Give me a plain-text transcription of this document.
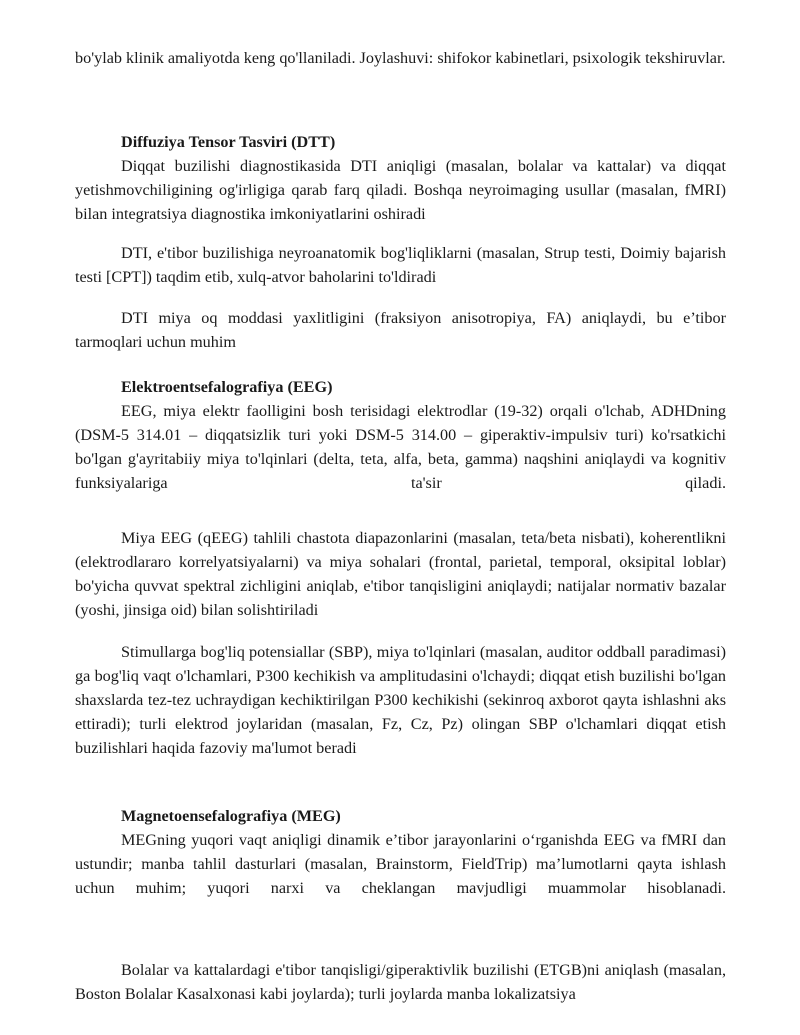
bo'ylab klinik amaliyotda keng qo'llaniladi. Joylashuvi: shifokor kabinetlari, psixologik tekshiruvlar.

Diffuziya Tensor Tasviri (DTT)

Diqqat buzilishi diagnostikasida DTI aniqligi (masalan, bolalar va kattalar) va diqqat yetishmovchiligining og'irligiga qarab farq qiladi. Boshqa neyroimaging usullar (masalan, fMRI) bilan integratsiya diagnostika imkoniyatlarini oshiradi

DTI, e'tibor buzilishiga neyroanatomik bog'liqliklarni (masalan, Strup testi, Doimiy bajarish testi [CPT]) taqdim etib, xulq-atvor baholarini to'ldiradi

DTI miya oq moddasi yaxlitligini (fraksiyon anisotropiya, FA) aniqlaydi, bu e’tibor tarmoqlari uchun muhim

Elektroentsefalografiya (EEG)

EEG, miya elektr faolligini bosh terisidagi elektrodlar (19-32) orqali o'lchab, ADHDning (DSM-5 314.01 – diqqatsizlik turi yoki DSM-5 314.00 – giperaktiv-impulsiv turi) ko'rsatkichi bo'lgan g'ayritabiiy miya to'lqinlari (delta, teta, alfa, beta, gamma) naqshini aniqlaydi va kognitiv funksiyalariga ta'sir qiladi.

Miya EEG (qEEG) tahlili chastota diapazonlarini (masalan, teta/beta nisbati), koherentlikni (elektrodlararo korrelyatsiyalarni) va miya sohalari (frontal, parietal, temporal, oksipital loblar) bo'yicha quvvat spektral zichligini aniqlab, e'tibor tanqisligini aniqlaydi; natijalar normativ bazalar (yoshi, jinsiga oid) bilan solishtiriladi

Stimullarga bog'liq potensiallar (SBP), miya to'lqinlari (masalan, auditor oddball paradimasi) ga bog'liq vaqt o'lchamlari, P300 kechikish va amplitudasini o'lchaydi; diqqat etish buzilishi bo'lgan shaxslarda tez-tez uchraydigan kechiktirilgan P300 kechikishi (sekinroq axborot qayta ishlashni aks ettiradi); turli elektrod joylaridan (masalan, Fz, Cz, Pz) olingan SBP o'lchamlari diqqat etish buzilishlari haqida fazoviy ma'lumot beradi

Magnetoensefalografiya (MEG)

MEGning yuqori vaqt aniqligi dinamik e’tibor jarayonlarini o‘rganishda EEG va fMRI dan ustundir; manba tahlil dasturlari (masalan, Brainstorm, FieldTrip) ma’lumotlarni qayta ishlash uchun muhim; yuqori narxi va cheklangan mavjudligi muammolar hisoblanadi.

Bolalar va kattalardagi e'tibor tanqisligi/giperaktivlik buzilishi (ETGB)ni aniqlash (masalan, Boston Bolalar Kasalxonasi kabi joylarda); turli joylarda manba lokalizatsiya
